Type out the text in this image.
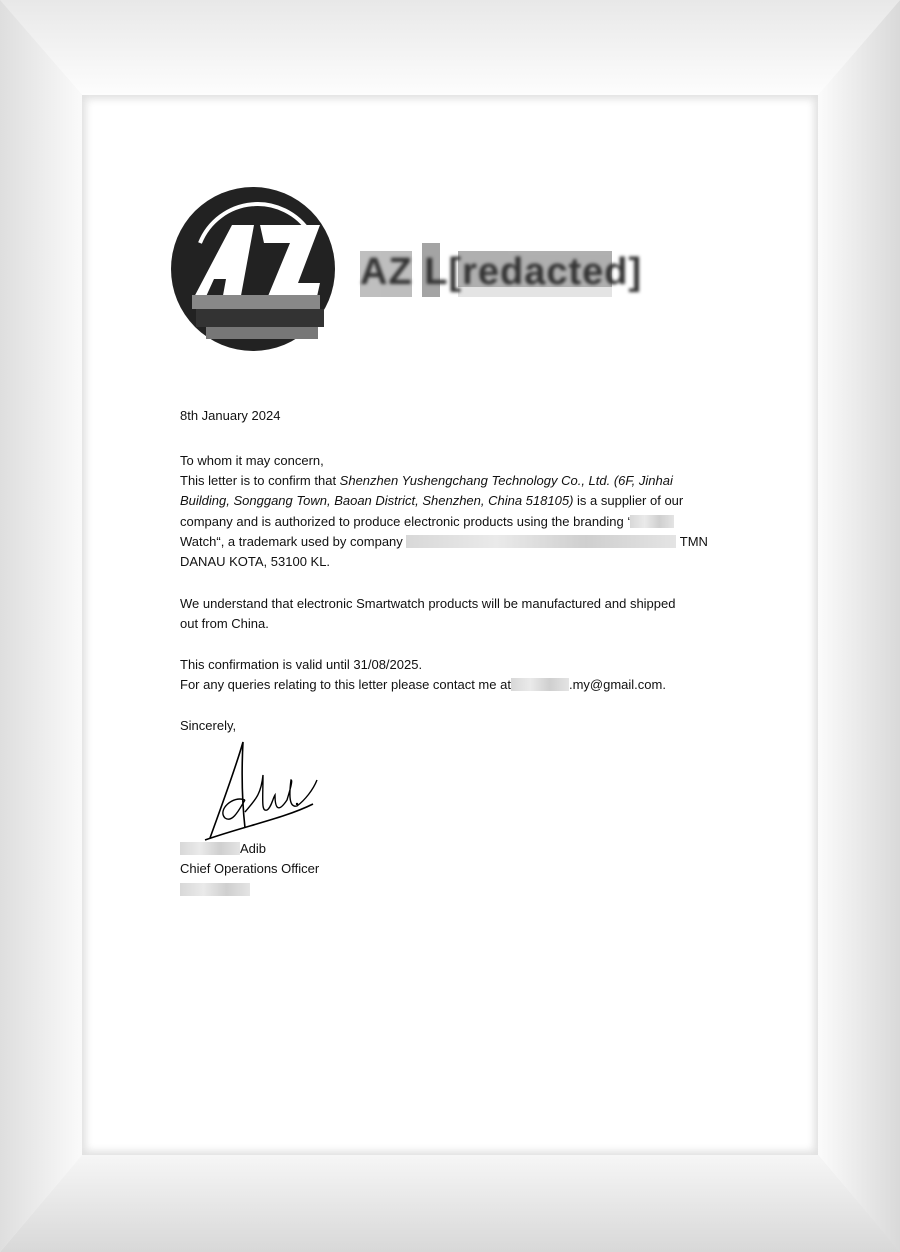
AZ L[redacted]
8th January 2024
To whom it may concern,
This letter is to confirm that Shenzhen Yushengchang Technology Co., Ltd. (6F, Jinhai
Building, Songgang Town, Baoan District, Shenzhen, China 518105) is a supplier of our
company and is authorized to produce electronic products using the branding ‘
Watch“, a trademark used by company	TMN
DANAU KOTA, 53100 KL.
We understand that electronic Smartwatch products will be manufactured and shipped
out from China.
This confirmation is valid until 31/08/2025.
For any queries relating to this letter please contact me at	.my@gmail.com.
Sincerely,
Adib
Chief Operations Officer
